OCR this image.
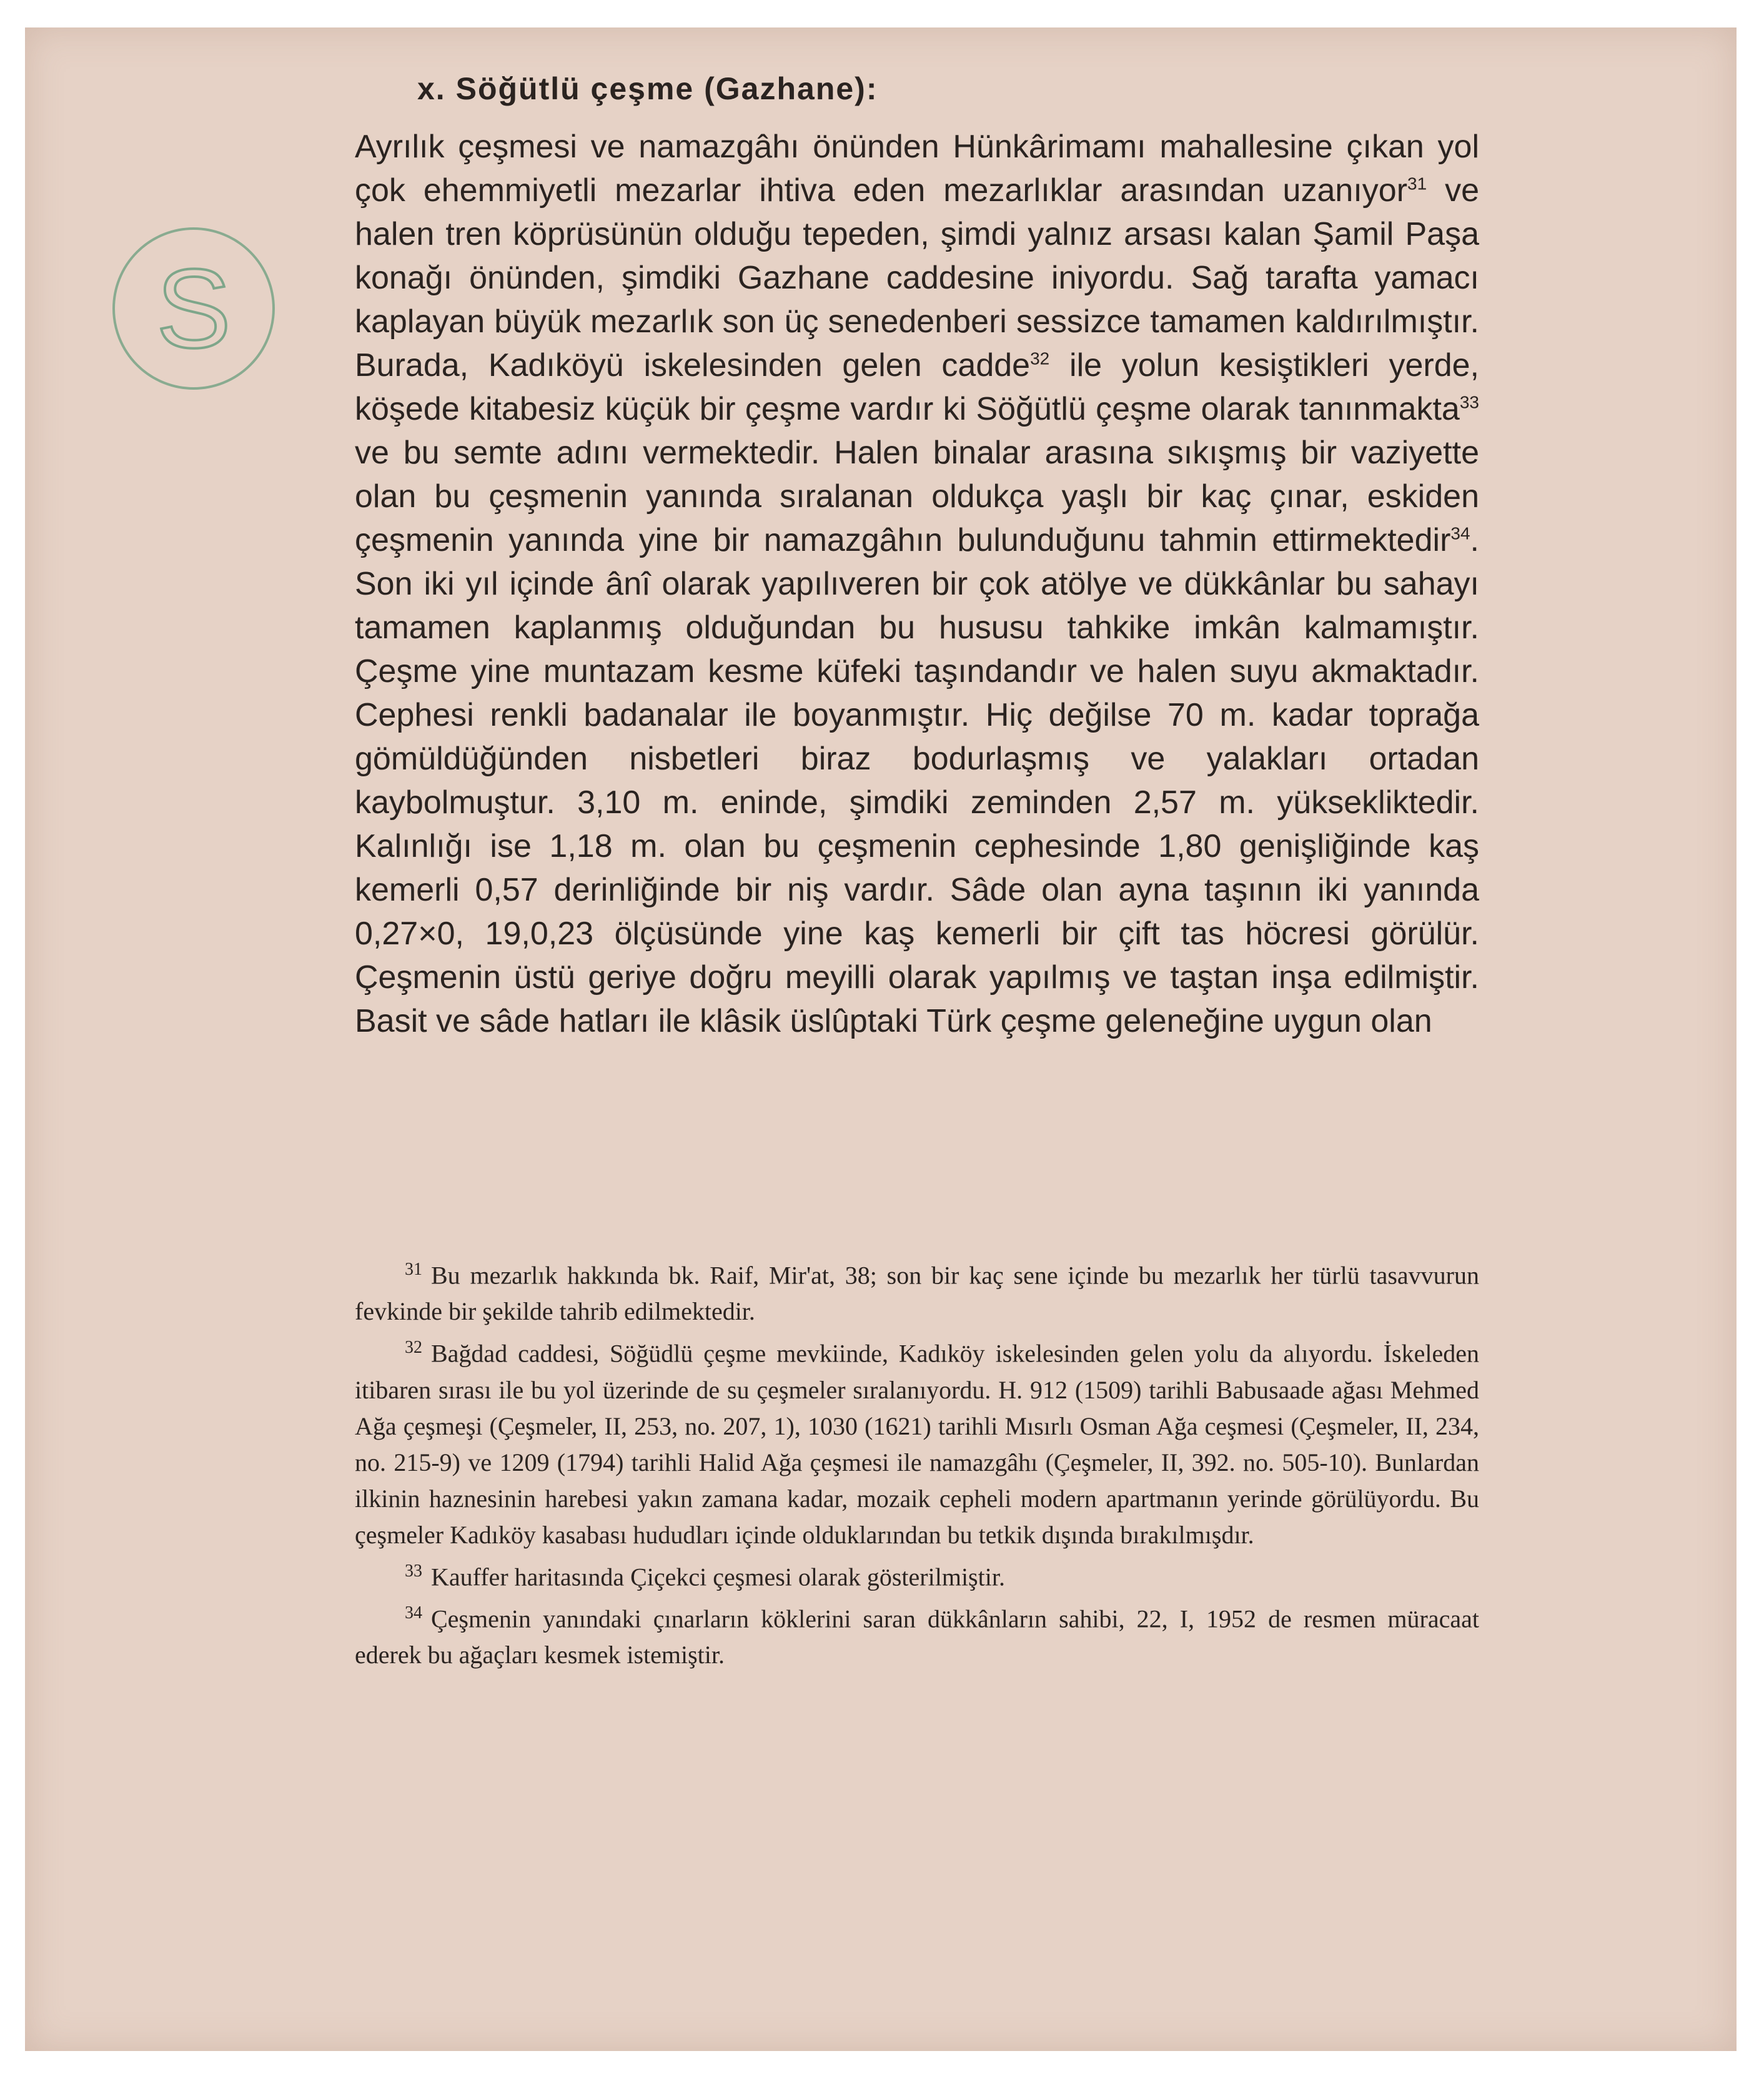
S
x. Söğütlü çeşme (Gazhane):

Ayrılık çeşmesi ve namazgâhı önünden Hünkârimamı mahallesine çıkan yol çok ehemmiyetli mezarlar ihtiva eden mezarlıklar arasından uzanıyor$^{31}$ ve halen tren köprüsünün olduğu tepeden, şimdi yalnız arsası kalan Şamil Paşa konağı önünden, şimdiki Gazhane caddesine iniyordu. Sağ tarafta yamacı kaplayan büyük mezarlık son üç senedenberi sessizce tamamen kaldırılmıştır. Burada, Kadıköyü iskelesinden gelen cadde$^{32}$ ile yolun kesiştikleri yerde, köşede kitabesiz küçük bir çeşme vardır ki Söğütlü çeşme olarak tanınmakta$^{33}$ ve bu semte adını vermektedir. Halen binalar arasına sıkışmış bir vaziyette olan bu çeşmenin yanında sıralanan oldukça yaşlı bir kaç çınar, eskiden çeşmenin yanında yine bir namazgâhın bulunduğunu tahmin ettirmektedir$^{34}$. Son iki yıl içinde ânî olarak yapılıveren bir çok atölye ve dükkânlar bu sahayı tamamen kaplanmış olduğundan bu hususu tahkike imkân kalmamıştır. Çeşme yine muntazam kesme küfeki taşındandır ve halen suyu akmaktadır. Cephesi renkli badanalar ile boyanmıştır. Hiç değilse 70 m. kadar toprağa gömüldüğünden nisbetleri biraz bodurlaşmış ve yalakları ortadan kaybolmuştur. 3,10 m. eninde, şimdiki zeminden 2,57 m. yüksekliktedir. Kalınlığı ise 1,18 m. olan bu çeşmenin cephesinde 1,80 genişliğinde kaş kemerli 0,57 derinliğinde bir niş vardır. Sâde olan ayna taşının iki yanında 0,27×0, 19,0,23 ölçüsünde yine kaş kemerli bir çift tas höcresi görülür. Çeşmenin üstü geriye doğru meyilli olarak yapılmış ve taştan inşa edilmiştir. Basit ve sâde hatları ile klâsik üslûptaki Türk çeşme geleneğine uygun olan

$^{31}$ Bu mezarlık hakkında bk. Raif, Mir'at, 38; son bir kaç sene içinde bu mezarlık her türlü tasavvurun fevkinde bir şekilde tahrib edilmektedir.

$^{32}$ Bağdad caddesi, Söğüdlü çeşme mevkiinde, Kadıköy iskelesinden gelen yolu da alıyordu. İskeleden itibaren sırası ile bu yol üzerinde de su çeşmeler sıralanıyordu. H. 912 (1509) tarihli Babusaade ağası Mehmed Ağa çeşmeşi (Çeşmeler, II, 253, no. 207, 1), 1030 (1621) tarihli Mısırlı Osman Ağa ceşmesi (Çeşmeler, II, 234, no. 215-9) ve 1209 (1794) tarihli Halid Ağa çeşmesi ile namazgâhı (Çeşmeler, II, 392. no. 505-10). Bunlardan ilkinin haznesinin harebesi yakın zamana kadar, mozaik cepheli modern apartmanın yerinde görülüyordu. Bu çeşmeler Kadıköy kasabası hududları içinde olduklarından bu tetkik dışında bırakılmışdır.

$^{33}$ Kauffer haritasında Çiçekci çeşmesi olarak gösterilmiştir.

$^{34}$ Çeşmenin yanındaki çınarların köklerini saran dükkânların sahibi, 22, I, 1952 de resmen müracaat ederek bu ağaçları kesmek istemiştir.
